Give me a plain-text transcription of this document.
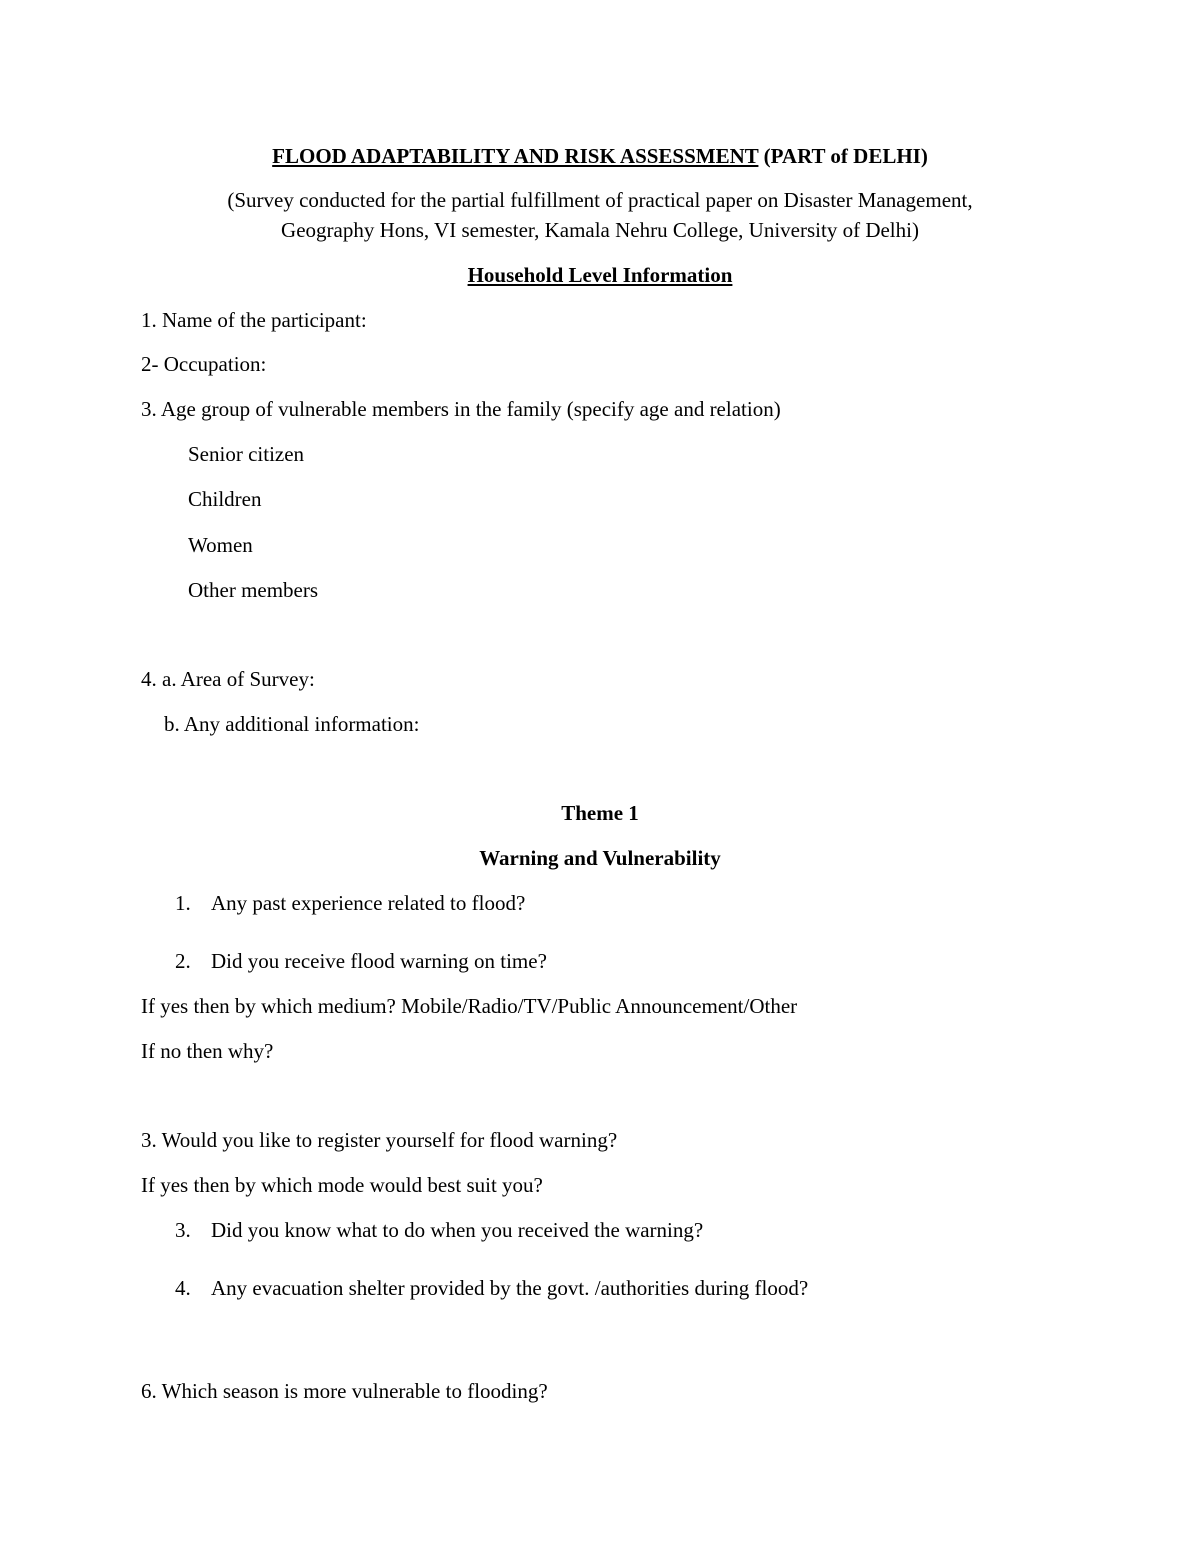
FLOOD ADAPTABILITY AND RISK ASSESSMENT (PART of DELHI)
(Survey conducted for the partial fulfillment of practical paper on Disaster Management,
Geography Hons, VI semester, Kamala Nehru College, University of Delhi)
Household Level Information
1. Name of the participant:
2- Occupation:
3. Age group of vulnerable members in the family (specify age and relation)
Senior citizen
Children
Women
Other members
4. a. Area of Survey:
b. Any additional information:
Theme 1
Warning and Vulnerability
1. Any past experience related to flood?
2. Did you receive flood warning on time?
If yes then by which medium? Mobile/Radio/TV/Public Announcement/Other
If no then why?
3. Would you like to register yourself for flood warning?
If yes then by which mode would best suit you?
3. Did you know what to do when you received the warning?
4. Any evacuation shelter provided by the govt. /authorities during flood?
6. Which season is more vulnerable to flooding?
